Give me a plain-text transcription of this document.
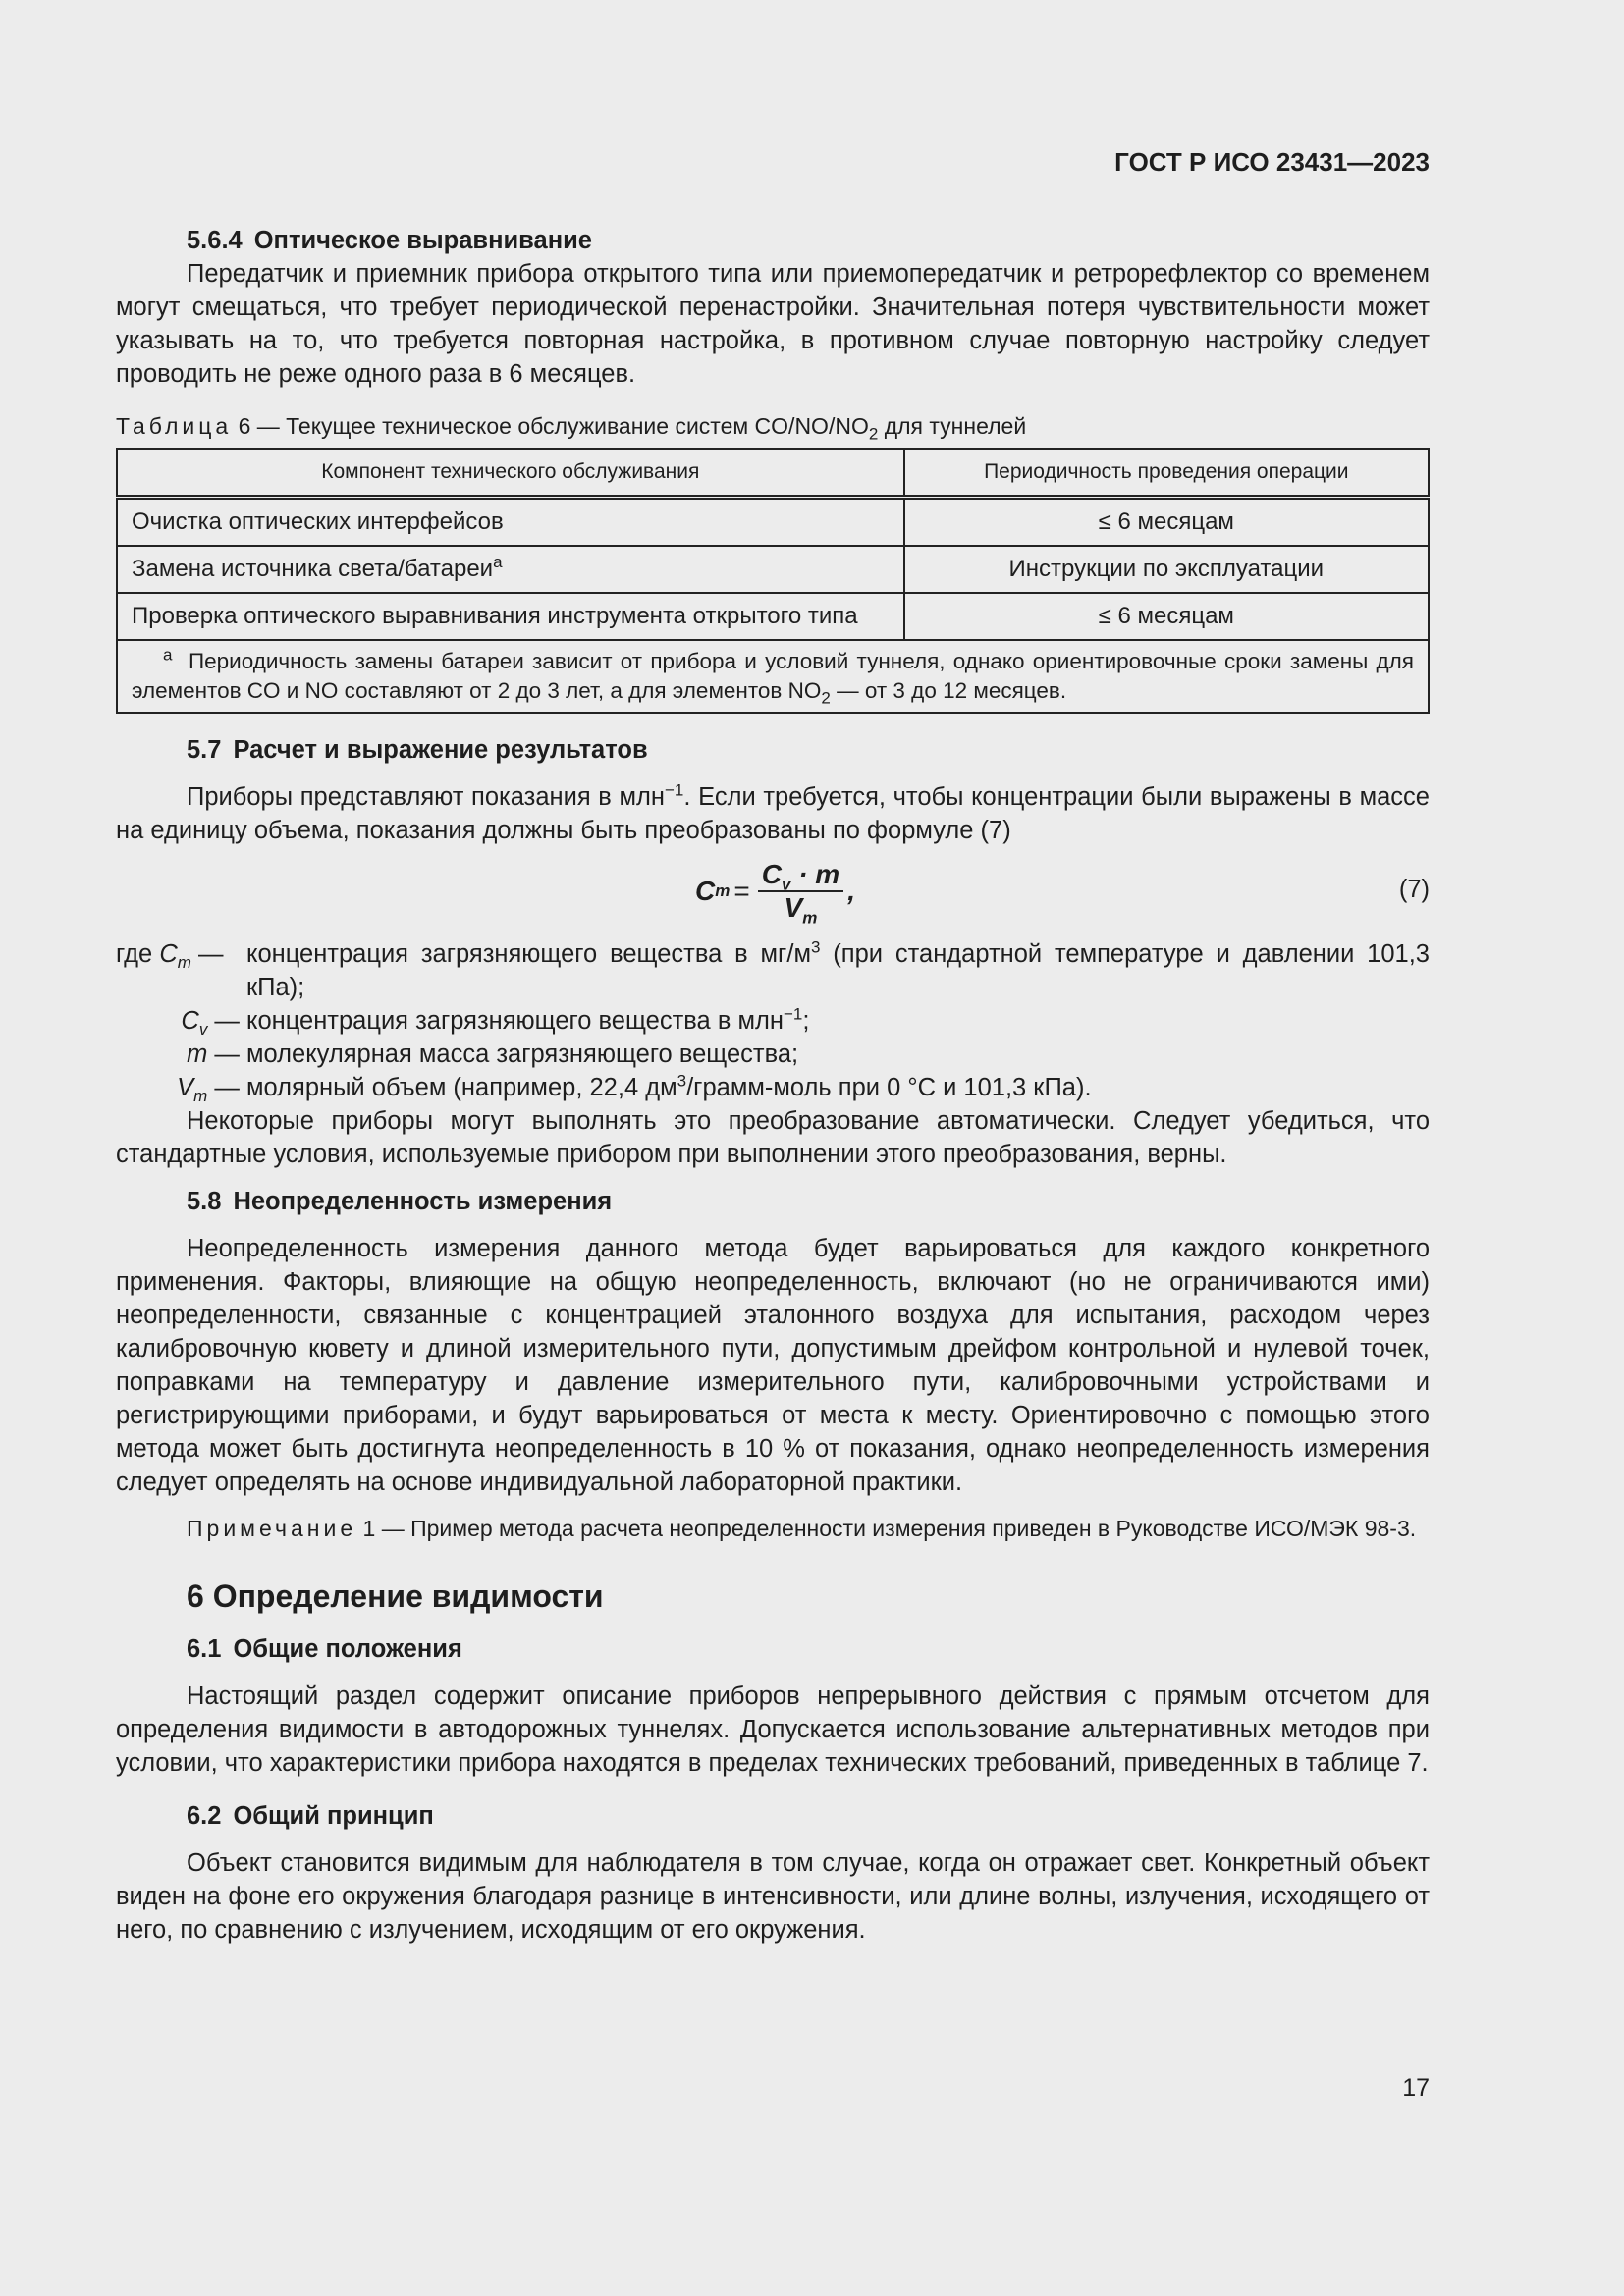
ГОСТ Р ИСО 23431—2023

5.6.4 Оптическое выравнивание

Передатчик и приемник прибора открытого типа или приемопередатчик и ретрорефлектор со временем могут смещаться, что требует периодической перенастройки. Значительная потеря чувствительности может указывать на то, что требуется повторная настройка, в противном случае повторную настройку следует проводить не реже одного раза в 6 месяцев.

Таблица 6 — Текущее техническое обслуживание систем $CO/NO/NO_2$ для туннелей

Компонент технического обслуживания	Периодичность проведения операции
Очистка оптических интерфейсов	≤ 6 месяцам
Замена источника света/батареи$^a$	Инструкции по эксплуатации
Проверка оптического выравнивания инструмента открытого типа	≤ 6 месяцам
$^a$ Периодичность замены батареи зависит от прибора и условий туннеля, однако ориентировочные сроки замены для элементов CO и NO составляют от 2 до 3 лет, а для элементов $NO_2$ — от 3 до 12 месяцев.	

5.7 Расчет и выражение результатов

Приборы представляют показания в млн$^{-1}$. Если требуется, чтобы концентрации были выражены в массе на единицу объема, показания должны быть преобразованы по формуле (7)

C $m = \frac{C_v \cdot m}{V_m}$ ,	(7)
где $C_m$ — концентрация загрязняющего вещества в $мг/м^3$ (при стандартной температуре и давлении 101,3 кПа);
$C_v$ — концентрация загрязняющего вещества в млн$^{-1}$;
m — молекулярная масса загрязняющего вещества;
$V_m$ — молярный объем (например, 22,4 $дм^3/грамм$-моль при 0 °C и 101,3 кПа).

Некоторые приборы могут выполнять это преобразование автоматически. Следует убедиться, что стандартные условия, используемые прибором при выполнении этого преобразования, верны.

5.8 Неопределенность измерения

Неопределенность измерения данного метода будет варьироваться для каждого конкретного применения. Факторы, влияющие на общую неопределенность, включают (но не ограничиваются ими) неопределенности, связанные с концентрацией эталонного воздуха для испытания, расходом через калибровочную кювету и длиной измерительного пути, допустимым дрейфом контрольной и нулевой точек, поправками на температуру и давление измерительного пути, калибровочными устройствами и регистрирующими приборами, и будут варьироваться от места к месту. Ориентировочно с помощью этого метода может быть достигнута неопределенность в 10 % от показания, однако неопределенность измерения следует определять на основе индивидуальной лабораторной практики.

Примечание 1 — Пример метода расчета неопределенности измерения приведен в Руководстве ИСО/МЭК 98-3.

6 Определение видимости

6.1 Общие положения

Настоящий раздел содержит описание приборов непрерывного действия с прямым отсчетом для определения видимости в автодорожных туннелях. Допускается использование альтернативных методов при условии, что характеристики прибора находятся в пределах технических требований, приведенных в таблице 7.

6.2 Общий принцип

Объект становится видимым для наблюдателя в том случае, когда он отражает свет. Конкретный объект виден на фоне его окружения благодаря разнице в интенсивности, или длине волны, излучения, исходящего от него, по сравнению с излучением, исходящим от его окружения.

17
